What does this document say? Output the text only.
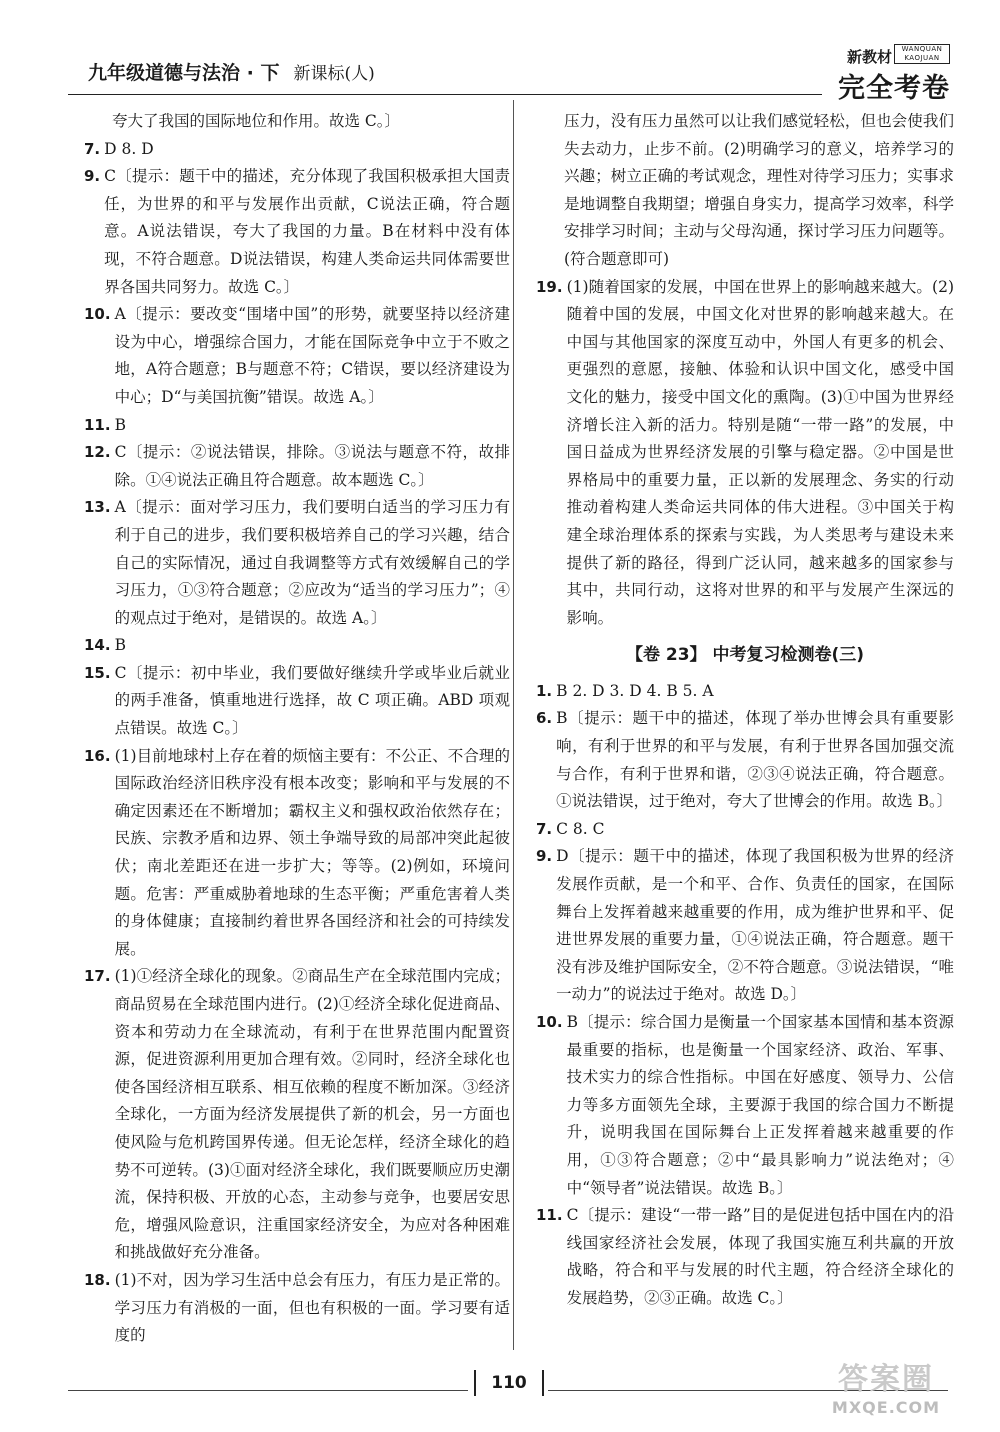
九年级道德与法治 · 下 新课标(人)
新教材	WANQUAN KAOJUAN
完全考卷

夸大了我国的国际地位和作用。故选 C。〕

7. D 8. D
9. C〔提示：题干中的描述，充分体现了我国积极承担大国责任，为世界的和平与发展作出贡献，C说法正确，符合题意。A说法错误，夸大了我国的力量。B在材料中没有体现，不符合题意。D说法错误，构建人类命运共同体需要世界各国共同努力。故选 C。〕
10. A〔提示：要改变“围堵中国”的形势，就要坚持以经济建设为中心，增强综合国力，才能在国际竞争中立于不败之地，A符合题意；B与题意不符；C错误，要以经济建设为中心；D“与美国抗衡”错误。故选 A。〕
11. B
12. C〔提示：②说法错误，排除。③说法与题意不符，故排除。①④说法正确且符合题意。故本题选 C。〕
13. A〔提示：面对学习压力，我们要明白适当的学习压力有利于自己的进步，我们要积极培养自己的学习兴趣，结合自己的实际情况，通过自我调整等方式有效缓解自己的学习压力，①③符合题意；②应改为“适当的学习压力”；④的观点过于绝对，是错误的。故选 A。〕
14. B
15. C〔提示：初中毕业，我们要做好继续升学或毕业后就业的两手准备，慎重地进行选择，故 C 项正确。ABD 项观点错误。故选 C。〕
16. (1)目前地球村上存在着的烦恼主要有：不公正、不合理的国际政治经济旧秩序没有根本改变；影响和平与发展的不确定因素还在不断增加；霸权主义和强权政治依然存在；民族、宗教矛盾和边界、领土争端导致的局部冲突此起彼伏；南北差距还在进一步扩大；等等。(2)例如，环境问题。危害：严重威胁着地球的生态平衡；严重危害着人类的身体健康；直接制约着世界各国经济和社会的可持续发展。
17. (1)①经济全球化的现象。②商品生产在全球范围内完成；商品贸易在全球范围内进行。(2)①经济全球化促进商品、资本和劳动力在全球流动，有利于在世界范围内配置资源，促进资源利用更加合理有效。②同时，经济全球化也使各国经济相互联系、相互依赖的程度不断加深。③经济全球化，一方面为经济发展提供了新的机会，另一方面也使风险与危机跨国界传递。但无论怎样，经济全球化的趋势不可逆转。(3)①面对经济全球化，我们既要顺应历史潮流，保持积极、开放的心态，主动参与竞争，也要居安思危，增强风险意识，注重国家经济安全，为应对各种困难和挑战做好充分准备。
18. (1)不对，因为学习生活中总会有压力，有压力是正常的。学习压力有消极的一面，但也有积极的一面。学习要有适度的

压力，没有压力虽然可以让我们感觉轻松，但也会使我们失去动力，止步不前。(2)明确学习的意义，培养学习的兴趣；树立正确的考试观念，理性对待学习压力；实事求是地调整自我期望；增强自身实力，提高学习效率，科学安排学习时间；主动与父母沟通，探讨学习压力问题等。(符合题意即可)

19. (1)随着国家的发展，中国在世界上的影响越来越大。(2)随着中国的发展，中国文化对世界的影响越来越大。在中国与其他国家的深度互动中，外国人有更多的机会、更强烈的意愿，接触、体验和认识中国文化，感受中国文化的魅力，接受中国文化的熏陶。(3)①中国为世界经济增长注入新的活力。特别是随“一带一路”的发展，中国日益成为世界经济发展的引擎与稳定器。②中国是世界格局中的重要力量，正以新的发展理念、务实的行动推动着构建人类命运共同体的伟大进程。③中国关于构建全球治理体系的探索与实践，为人类思考与建设未来提供了新的路径，得到广泛认同，越来越多的国家参与其中，共同行动，这将对世界的和平与发展产生深远的影响。
【卷 23】 中考复习检测卷(三)
1. B 2. D 3. D 4. B 5. A
6. B〔提示：题干中的描述，体现了举办世博会具有重要影响，有利于世界的和平与发展，有利于世界各国加强交流与合作，有利于世界和谐，②③④说法正确，符合题意。①说法错误，过于绝对，夸大了世博会的作用。故选 B。〕
7. C 8. C
9. D〔提示：题干中的描述，体现了我国积极为世界的经济发展作贡献，是一个和平、合作、负责任的国家，在国际舞台上发挥着越来越重要的作用，成为维护世界和平、促进世界发展的重要力量，①④说法正确，符合题意。题干没有涉及维护国际安全，②不符合题意。③说法错误，“唯一动力”的说法过于绝对。故选 D。〕
10. B〔提示：综合国力是衡量一个国家基本国情和基本资源最重要的指标，也是衡量一个国家经济、政治、军事、技术实力的综合性指标。中国在好感度、领导力、公信力等多方面领先全球，主要源于我国的综合国力不断提升，说明我国在国际舞台上正发挥着越来越重要的作用，①③符合题意；②中“最具影响力”说法绝对；④中“领导者”说法错误。故选 B。〕
11. C〔提示：建设“一带一路”目的是促进包括中国在内的沿线国家经济社会发展，体现了我国实施互利共赢的开放战略，符合和平与发展的时代主题，符合经济全球化的发展趋势，②③正确。故选 C。〕
110	答案圈
MXQE.COM
